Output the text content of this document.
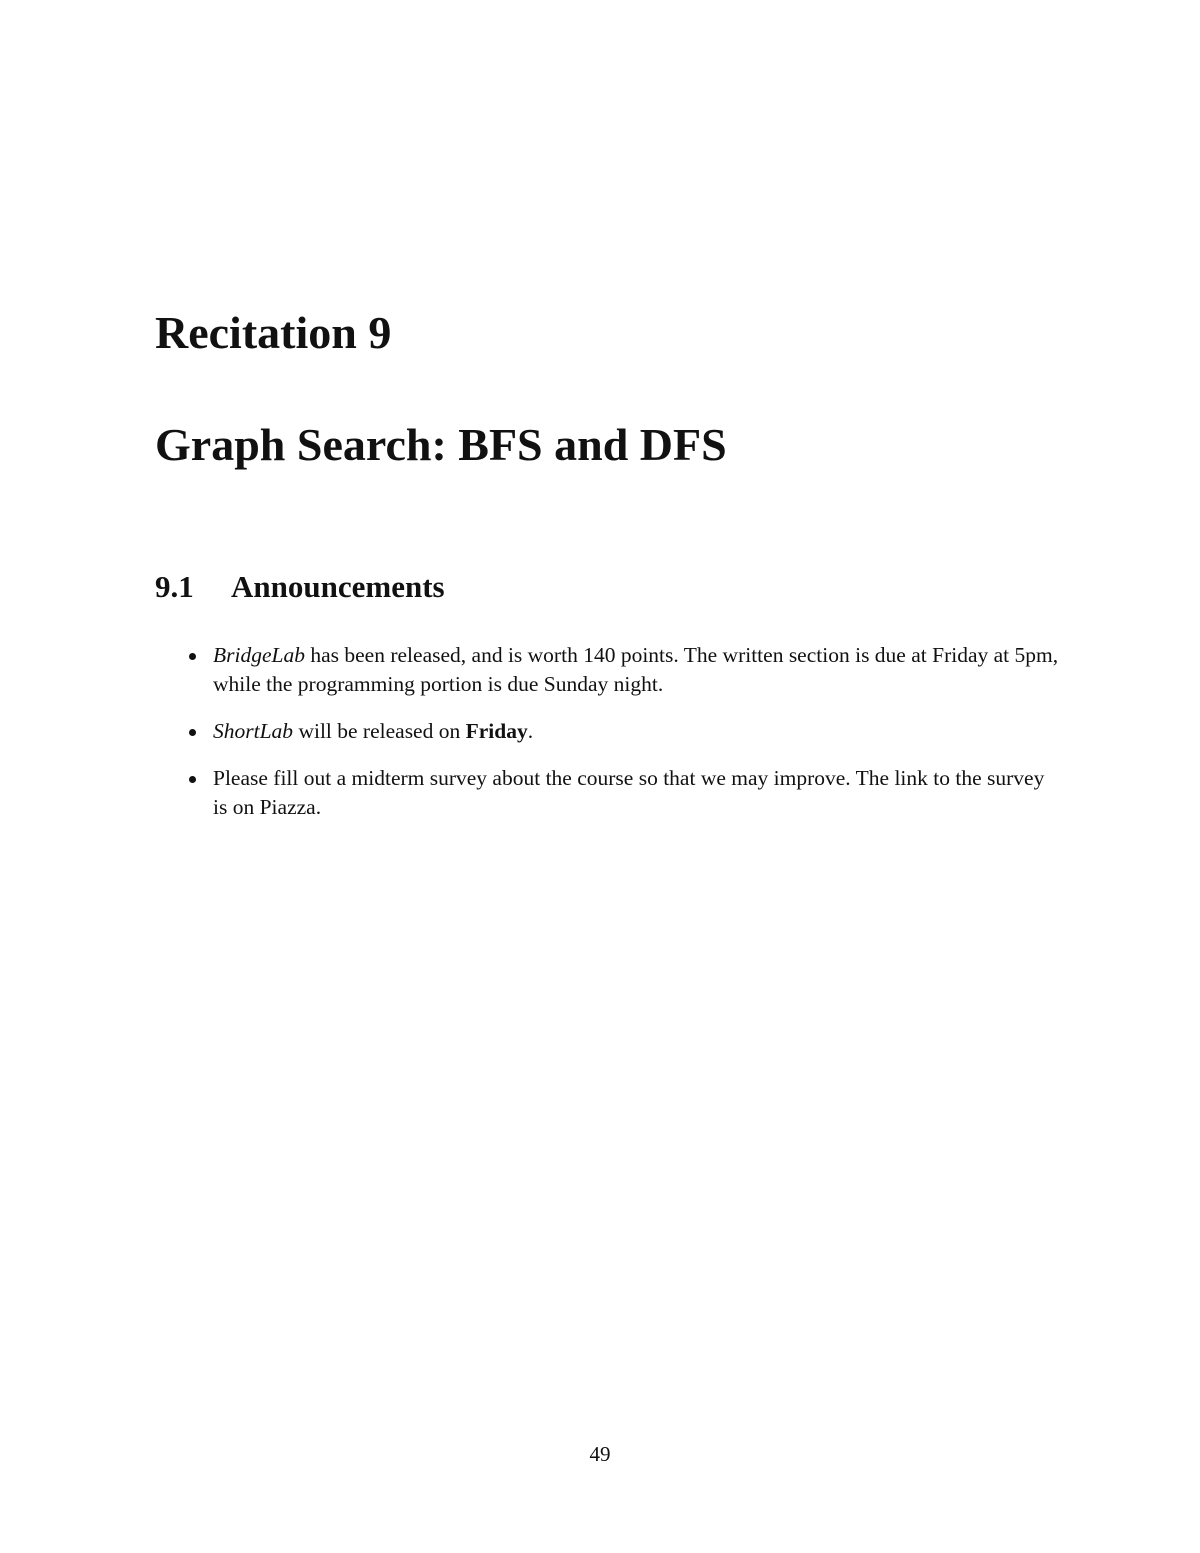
Recitation 9
Graph Search: BFS and DFS
9.1 Announcements
BridgeLab has been released, and is worth 140 points. The written section is due at Friday at 5pm, while the programming portion is due Sunday night.
ShortLab will be released on Friday.
Please fill out a midterm survey about the course so that we may improve. The link to the survey is on Piazza.
49
